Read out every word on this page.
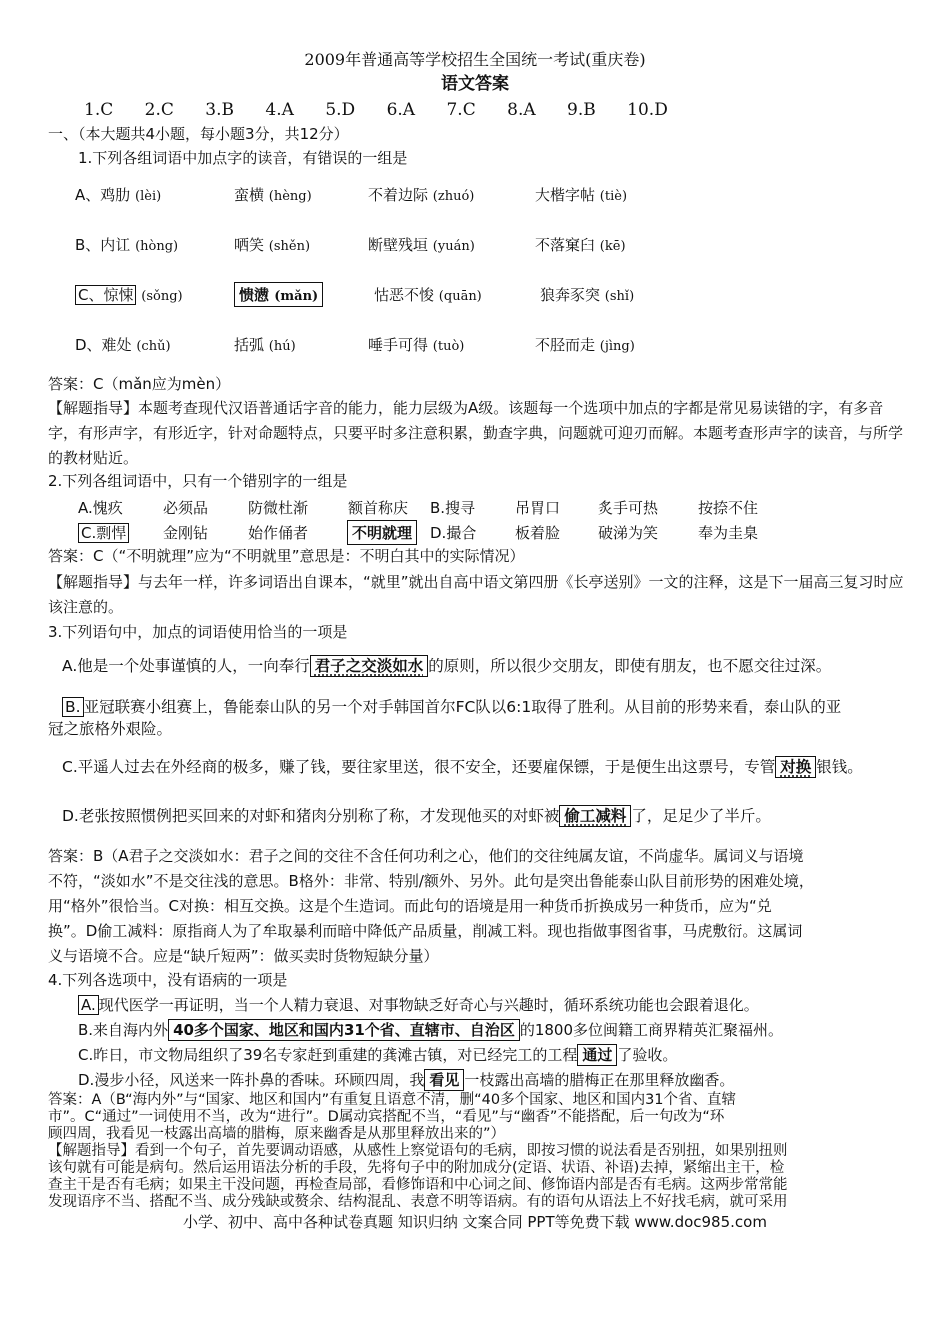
2009年普通高等学校招生全国统一考试(重庆卷)
语文答案
1.C 2.C 3.B 4.A 5.D 6.A 7.C 8.A 9.B 10.D
一、（本大题共4小题，每小题3分，共12分）
1.下列各组词语中加点字的读音，有错误的一组是
A、鸡肋 (lèi)	蛮横 (hèng)	不着边际 (zhuó)	大楷字帖 (tiè)
B、内讧 (hòng)	哂笑 (shěn)	断壁残垣 (yuán)	不落窠臼 (kē)
C、惊悚 (sǒng)	愦懑 (mǎn)	怙恶不悛 (quān)	狼奔豕突 (shǐ)
D、难处 (chǔ)	括弧 (hú)	唾手可得 (tuò)	不胫而走 (jìng)
答案：C（mǎn应为mèn）
【解题指导】本题考查现代汉语普通话字音的能力，能力层级为A级。该题每一个选项中加点的字都是常见易读错的字，有多音字，有形声字，有形近字，针对命题特点，只要平时多注意积累，勤查字典，问题就可迎刃而解。本题考查形声字的读音，与所学的教材贴近。
2.下列各组词语中，只有一个错别字的一组是
A.愧疚	必须品	防微杜渐	额首称庆 B.搜寻	吊胃口	炙手可热	按捺不住
C.剽悍 金刚钻	始作俑者	不明就理	D.撮合	板着脸	破涕为笑	奉为圭臬
答案：C（“不明就理”应为“不明就里”意思是：不明白其中的实际情况）
【解题指导】与去年一样，许多词语出自课本，“就里”就出自高中语文第四册《长亭送别》一文的注释，这是下一届高三复习时应该注意的。
3.下列语句中，加点的词语使用恰当的一项是
A.他是一个处事谨慎的人，一向奉行 君子之交淡如水 的原则，所以很少交朋友，即使有朋友，也不愿交往过深。
B. 亚冠联赛小组赛上，鲁能泰山队的另一个对手韩国首尔FC队以6:1取得了胜利。从目前的形势来看，泰山队的亚
冠之旅格外艰险。
C.平遥人过去在外经商的极多，赚了钱，要往家里送，很不安全，还要雇保镖，于是便生出这票号，专管 对换 银钱。
D.老张按照惯例把买回来的对虾和猪肉分别称了称，才发现他买的对虾被 偷工减料 了，足足少了半斤。
答案：B（A君子之交淡如水：君子之间的交往不含任何功利之心，他们的交往纯属友谊，不尚虚华。属词义与语境
不符，“淡如水”不是交往浅的意思。B格外：非常、特别/额外、另外。此句是突出鲁能泰山队目前形势的困难处境，
用“格外”很恰当。C对换：相互交换。这是个生造词。而此句的语境是用一种货币折换成另一种货币，应为“兑
换”。D偷工减料：原指商人为了牟取暴利而暗中降低产品质量，削减工料。现也指做事图省事，马虎敷衍。这属词
义与语境不合。应是“缺斤短两”：做买卖时货物短缺分量）
4.下列各选项中，没有语病的一项是
A. 现代医学一再证明，当一个人精力衰退、对事物缺乏好奇心与兴趣时，循环系统功能也会跟着退化。
B.来自海内外 40多个国家、地区和国内31个省、直辖市、自治区 的1800多位闽籍工商界精英汇聚福州。
C.昨日，市文物局组织了39名专家赶到重建的龚滩古镇，对已经完工的工程 通过 了验收。
D.漫步小径，风送来一阵扑鼻的香味。环顾四周，我 看见 一枝露出高墙的腊梅正在那里释放幽香。
答案：A（B“海内外”与“国家、地区和国内”有重复且语意不清，删“40多个国家、地区和国内31个省、直辖
市”。C“通过”一词使用不当，改为“进行”。D属动宾搭配不当，“看见”与“幽香”不能搭配，后一句改为“环
顾四周，我看见一枝露出高墙的腊梅，原来幽香是从那里释放出来的”）
【解题指导】看到一个句子，首先要调动语感，从感性上察觉语句的毛病，即按习惯的说法看是否别扭，如果别扭则
该句就有可能是病句。然后运用语法分析的手段，先将句子中的附加成分(定语、状语、补语)去掉，紧缩出主干，检
查主干是否有毛病；如果主干没问题，再检查局部，看修饰语和中心词之间、修饰语内部是否有毛病。这两步常常能
发现语序不当、搭配不当、成分残缺或赘余、结构混乱、表意不明等语病。有的语句从语法上不好找毛病，就可采用
小学、初中、高中各种试卷真题 知识归纳 文案合同 PPT等免费下载 www.doc985.com
